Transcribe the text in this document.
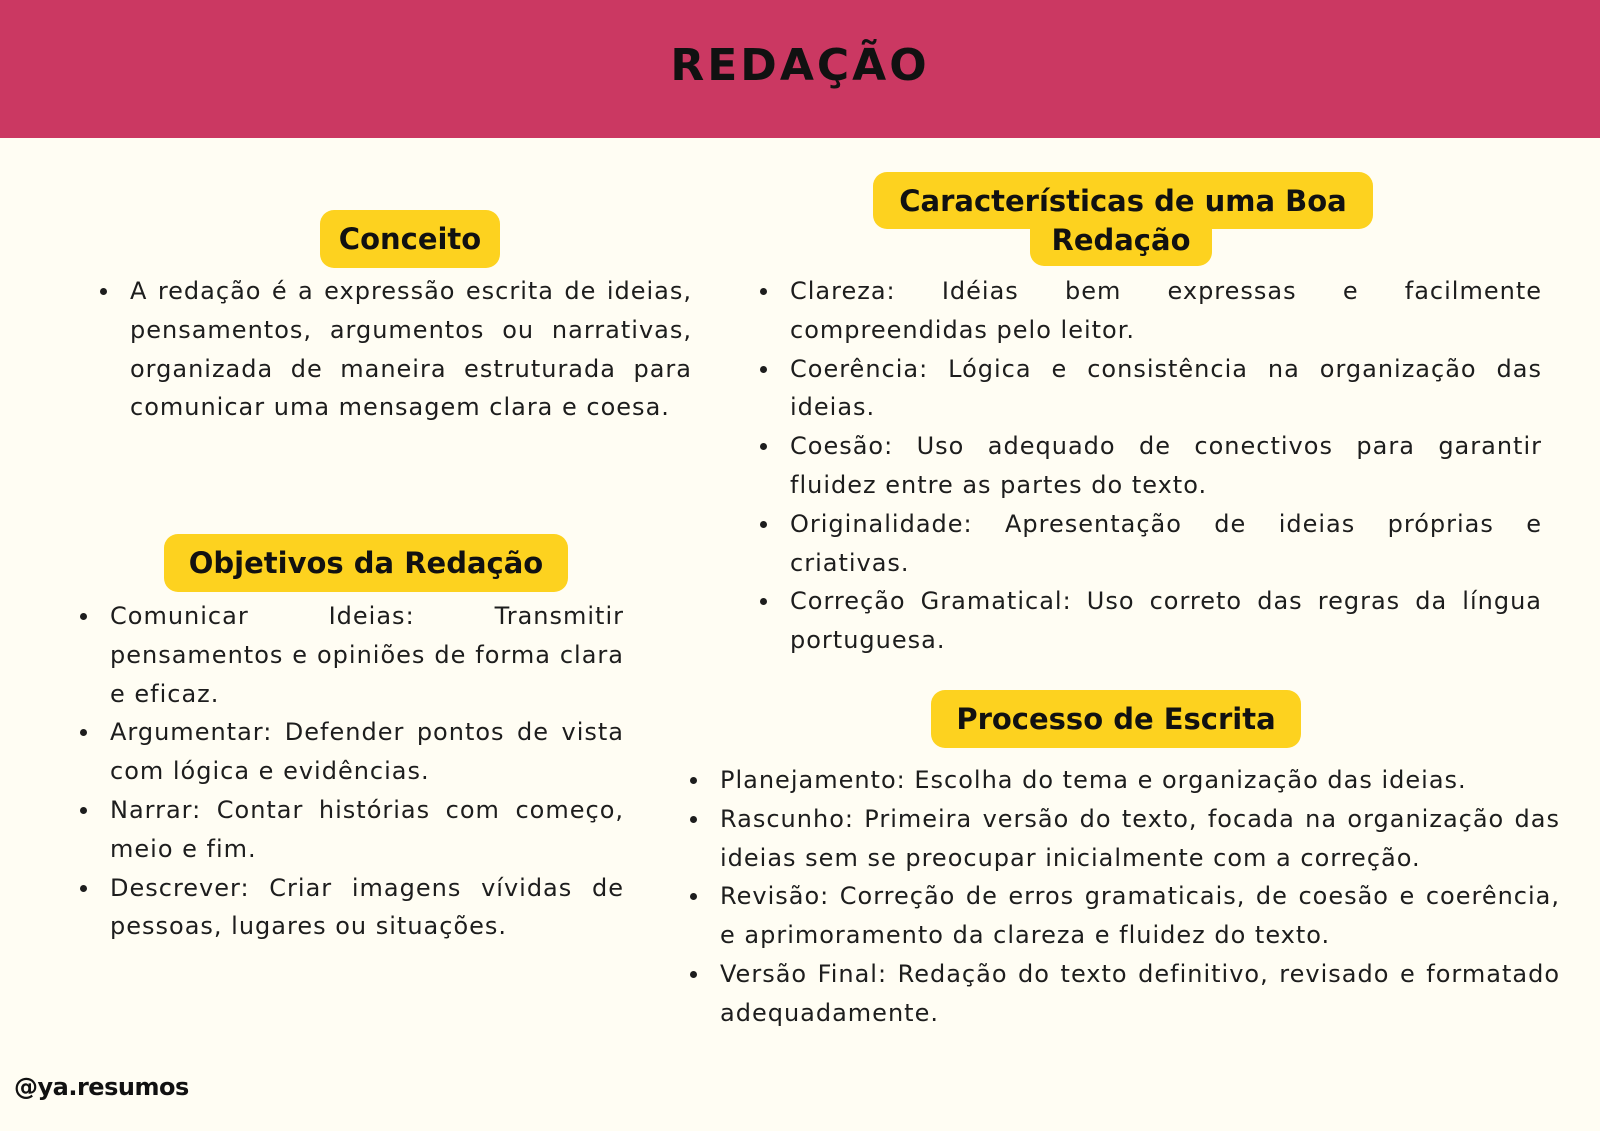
REDAÇÃO
Conceito
A redação é a expressão escrita de ideias, pensamentos, argumentos ou narrativas, organizada de maneira estruturada para comunicar uma mensagem clara e coesa.
Objetivos da Redação
Comunicar Ideias: Transmitir pensamentos e opiniões de forma clara e eficaz.
Argumentar: Defender pontos de vista com lógica e evidências.
Narrar: Contar histórias com começo, meio e fim.
Descrever: Criar imagens vívidas de pessoas, lugares ou situações.
Características de uma Boa
Redação
Clareza: Idéias bem expressas e facilmente compreendidas pelo leitor.
Coerência: Lógica e consistência na organização das ideias.
Coesão: Uso adequado de conectivos para garantir fluidez entre as partes do texto.
Originalidade: Apresentação de ideias próprias e criativas.
Correção Gramatical: Uso correto das regras da língua portuguesa.
Processo de Escrita
Planejamento: Escolha do tema e organização das ideias.
Rascunho: Primeira versão do texto, focada na organização das ideias sem se preocupar inicialmente com a correção.
Revisão: Correção de erros gramaticais, de coesão e coerência, e aprimoramento da clareza e fluidez do texto.
Versão Final: Redação do texto definitivo, revisado e formatado adequadamente.
@ya.resumos
